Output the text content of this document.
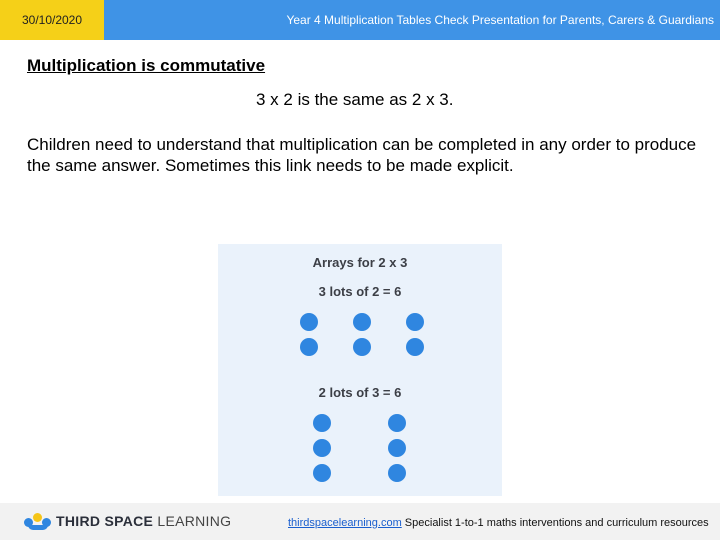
30/10/2020	Year 4 Multiplication Tables Check Presentation for Parents, Carers & Guardians
Multiplication is commutative
3 x 2 is the same as 2 x 3.
Children need to understand that multiplication can be completed in any order to produce the same answer. Sometimes this link needs to be made explicit.
Arrays for 2 x 3
3 lots of 2 = 6
2 lots of 3 = 6
THIRD SPACE LEARNING	thirdspacelearning.com Specialist 1-to-1 maths interventions and curriculum resources
